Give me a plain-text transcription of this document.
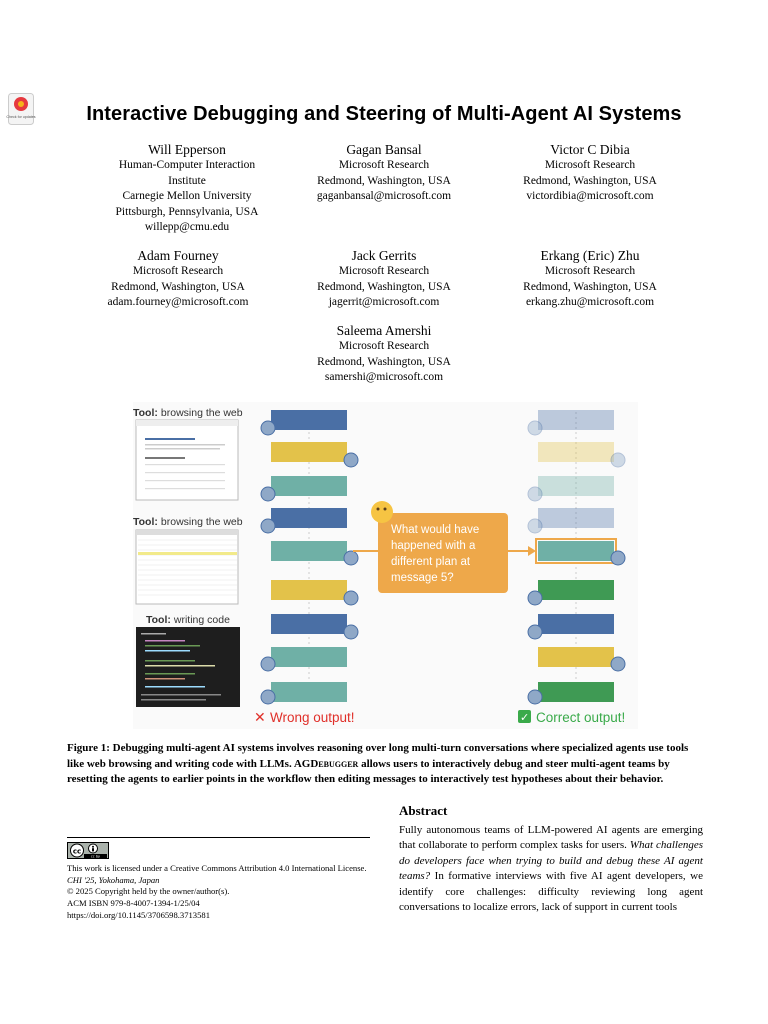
Check for updates	Interactive Debugging and Steering of Multi-Agent AI Systems
Will Epperson
Human-Computer Interaction
Institute
Carnegie Mellon University
Pittsburgh, Pennsylvania, USA
willepp@cmu.edu
Gagan Bansal
Microsoft Research
Redmond, Washington, USA
gaganbansal@microsoft.com
Victor C Dibia
Microsoft Research
Redmond, Washington, USA
victordibia@microsoft.com
Adam Fourney
Microsoft Research
Redmond, Washington, USA
adam.fourney@microsoft.com
Jack Gerrits
Microsoft Research
Redmond, Washington, USA
jagerrit@microsoft.com
Erkang (Eric) Zhu
Microsoft Research
Redmond, Washington, USA
erkang.zhu@microsoft.com
Saleema Amershi
Microsoft Research
Redmond, Washington, USA
samershi@microsoft.com
Tool: browsing the web
Tool: browsing the web
Tool: writing code
What would have
happened with a
different plan at
message 5?
✕ Wrong output!	✓ Correct output!
Figure 1: Debugging multi-agent AI systems involves reasoning over long multi-turn conversations where specialized agents use tools like web browsing and writing code with LLMs. AGDebugger allows users to interactively debug and steer multi-agent teams by resetting the agents to earlier points in the workflow then editing messages to interactively test hypotheses about their behavior.
Abstract
Fully autonomous teams of LLM-powered AI agents are emerging that collaborate to perform complex tasks for users. What challenges do developers face when trying to build and debug these AI agent teams? In formative interviews with five AI agent developers, we identify core challenges: difficulty reviewing long agent conversations to localize errors, lack of support in current tools
cc
cc by
This work is licensed under a Creative Commons Attribution 4.0 International License.
CHI '25, Yokohama, Japan
© 2025 Copyright held by the owner/author(s).
ACM ISBN 979-8-4007-1394-1/25/04
https://doi.org/10.1145/3706598.3713581
